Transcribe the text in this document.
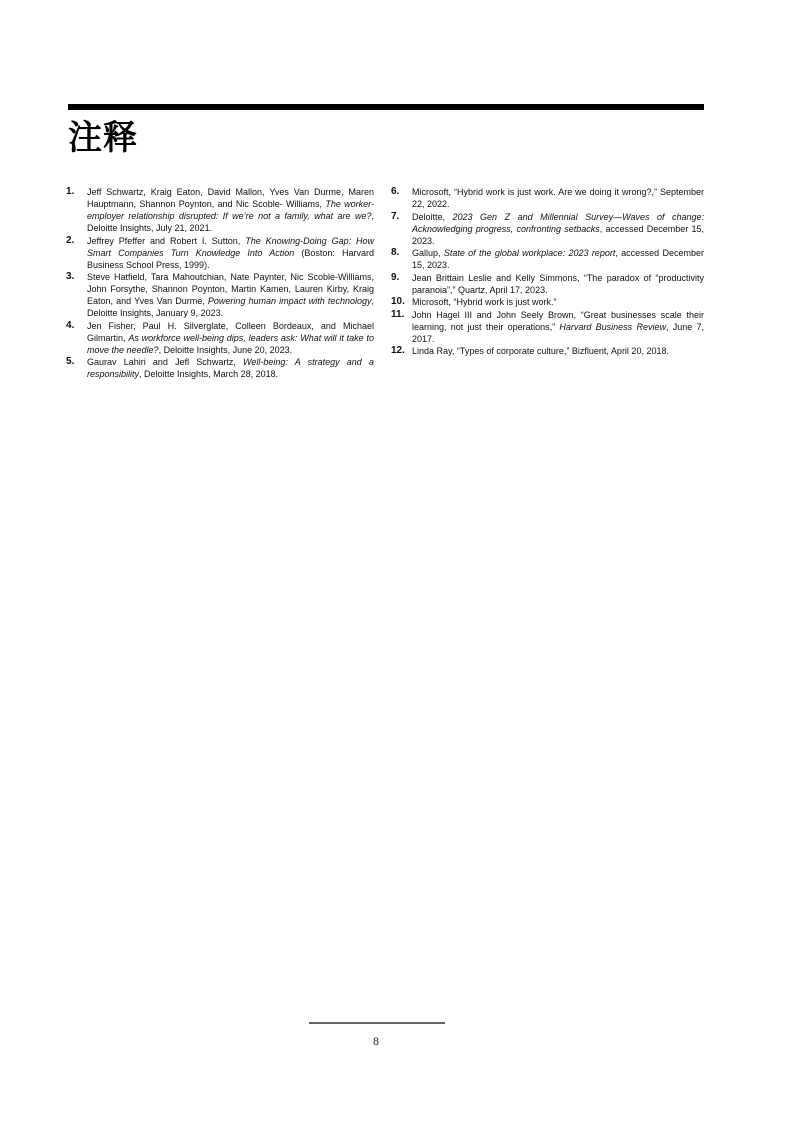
注释
1.	Jeff Schwartz, Kraig Eaton, David Mallon, Yves Van Durme, Maren Hauptmann, Shannon Poynton, and Nic Scoble- Williams, The worker-employer relationship disrupted: If we’re not a family, what are we?, Deloitte Insights, July 21, 2021.
2.	Jeffrey Pfeffer and Robert I. Sutton, The Knowing-Doing Gap: How Smart Companies Turn Knowledge Into Action (Boston: Harvard Business School Press, 1999).
3.	Steve Hatfield, Tara Mahoutchian, Nate Paynter, Nic Scoble-Williams, John Forsythe, Shannon Poynton, Martin Kamen, Lauren Kirby, Kraig Eaton, and Yves Van Durme, Powering human impact with technology, Deloitte Insights, January 9, 2023.
4.	Jen Fisher, Paul H. Silverglate, Colleen Bordeaux, and Michael Gilmartin, As workforce well-being dips, leaders ask: What will it take to move the needle?, Deloitte Insights, June 20, 2023.
5.	Gaurav Lahiri and Jefl Schwartz, Well-being: A strategy and a responsibility, Deloitte Insights, March 28, 2018.
6.	Microsoft, “Hybrid work is just work. Are we doing it wrong?,” September 22, 2022.
7.	Deloitte, 2023 Gen Z and Millennial Survey—Waves of change: Acknowledging progress, confronting setbacks, accessed December 15, 2023.
8.	Gallup, State of the global workplace: 2023 report, accessed December 15, 2023.
9.	Jean Brittain Leslie and Kelly Simmons, “The paradox of “productivity paranoia”,” Quartz, April 17, 2023.
10. Microsoft, “Hybrid work is just work.”
11. John Hagel III and John Seely Brown, “Great businesses scale their learning, not just their operations,” Harvard Business Review, June 7, 2017.
12. Linda Ray, “Types of corporate culture,” Bizfluent, April 20, 2018.
8
